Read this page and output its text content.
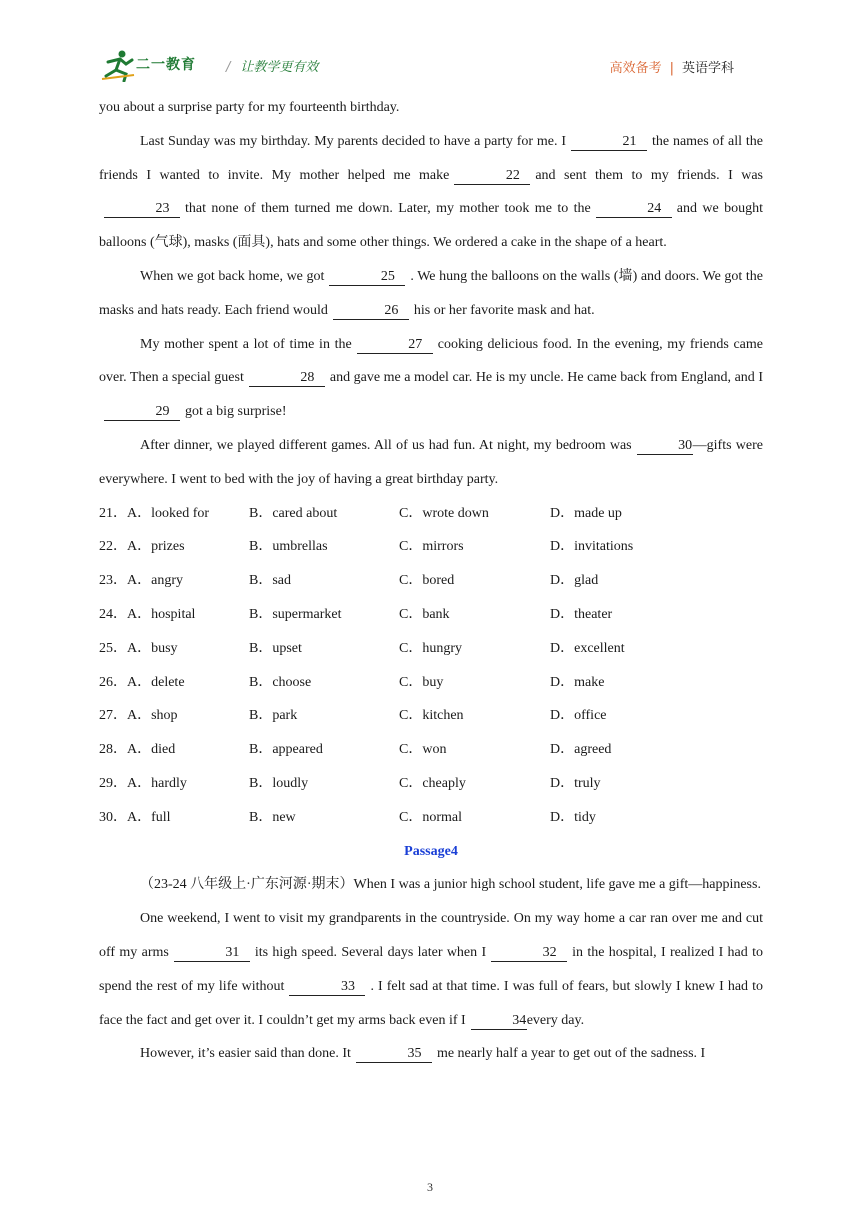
二一教育 / 让教学更有效	高效备考 | 英语学科

you about a surprise party for my fourteenth birthday.

Last Sunday was my birthday. My parents decided to have a party for me. I	21 the names of all the friends I wanted to invite. My mother helped me make	22 and sent them to my friends. I was23 that none of them turned me down. Later, my mother took me to the	24 and we bought balloons (气球), masks (面具), hats and some other things. We ordered a cake in the shape of a heart.

When we got back home, we got	25 . We hung the balloons on the walls (墙) and doors. We got the masks and hats ready. Each friend would	26 his or her favorite mask and hat.

My mother spent a lot of time in the	27 cooking delicious food. In the evening, my friends came over. Then a special guest	28 and gave me a model car. He is my uncle. He came back from England, and I29 got a big surprise!

After dinner, we played different games. All of us had fun. At night, my bedroom was	30—gifts were everywhere. I went to bed with the joy of having a great birthday party.

21．A．looked for	B．cared about	C．wrote down	D．made up
22．A．prizes	B．umbrellas	C．mirrors	D．invitations
23．A．angry	B．sad	C．bored	D．glad
24．A．hospital	B．supermarket	C．bank	D．theater
25．A．busy	B．upset	C．hungry	D．excellent
26．A．delete	B．choose	C．buy	D．make
27．A．shop	B．park	C．kitchen	D．office
28．A．died	B．appeared	C．won	D．agreed
29．A．hardly	B．loudly	C．cheaply	D．truly
30．A．full	B．new	C．normal	D．tidy
Passage4

（23-24 八年级上·广东河源·期末）When I was a junior high school student, life gave me a gift—happiness.

One weekend, I went to visit my grandparents in the countryside. On my way home a car ran over me and cut off my arms	31 its high speed. Several days later when I	32 in the hospital, I realized I had to spend the rest of my life without	33 . I felt sad at that time. I was full of fears, but slowly I knew I had to face the fact and get over it. I couldn’t get my arms back even if I	34every day.

However, it’s easier said than done. It	35 me nearly half a year to get out of the sadness. I

3
